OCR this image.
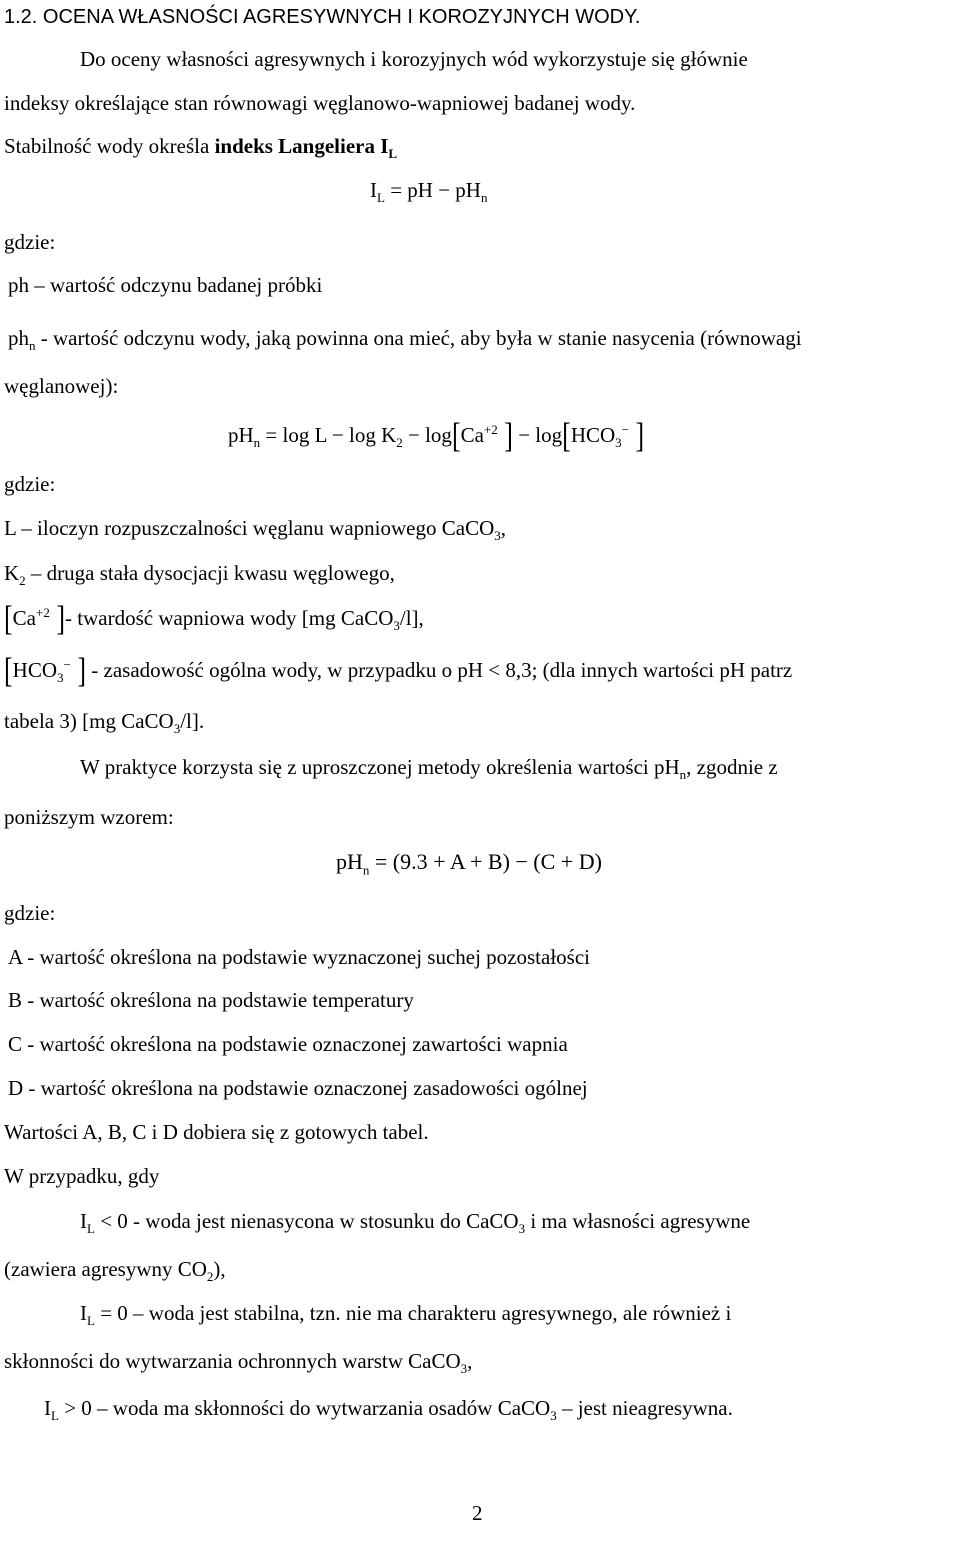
1.2. OCENA WŁASNOŚCI AGRESYWNYCH I KOROZYJNYCH WODY.
Do oceny własności agresywnych i korozyjnych wód wykorzystuje się głównie
indeksy określające stan równowagi węglanowo-wapniowej badanej wody.
Stabilność wody określa indeks Langeliera $I_L$
$I_L$ = pH − $pH_n$
gdzie:
ph – wartość odczynu badanej próbki
$ph_n$ - wartość odczynu wody, jaką powinna ona mieć, aby była w stanie nasycenia (równowagi
węglanowej):
$pH_n = \log L - \log K_2 - \log[Ca^{+2}$ ] − $\log[HCO_3^-$ ]
gdzie:
L – iloczyn rozpuszczalności węglanu wapniowego CaCO$_3$,
$K_2$ – druga stała dysocjacji kwasu węglowego,
[$Ca^{+2}$ ]- twardość wapniowa wody [mg CaCO$_3$/l],
[$HCO_3^-$ ] - zasadowość ogólna wody, w przypadku o pH < 8,3; (dla innych wartości pH patrz
tabela 3) [mg CaCO$_3$/l].
W praktyce korzysta się z uproszczonej metody określenia wartości $pH_n$, zgodnie z
poniższym wzorem:
$pH_n = (9.3 + A + B) - (C + D)$
gdzie:
A - wartość określona na podstawie wyznaczonej suchej pozostałości
B - wartość określona na podstawie temperatury
C - wartość określona na podstawie oznaczonej zawartości wapnia
D - wartość określona na podstawie oznaczonej zasadowości ogólnej
Wartości A, B, C i D dobiera się z gotowych tabel.
W przypadku, gdy
$I_L < 0$ - woda jest nienasycona w stosunku do CaCO$_3$ i ma własności agresywne
(zawiera agresywny $CO_2$),
$I_L = 0$ – woda jest stabilna, tzn. nie ma charakteru agresywnego, ale również i
skłonności do wytwarzania ochronnych warstw CaCO$_3$,
$I_L > 0$ – woda ma skłonności do wytwarzania osadów CaCO$_3$ – jest nieagresywna.
2
